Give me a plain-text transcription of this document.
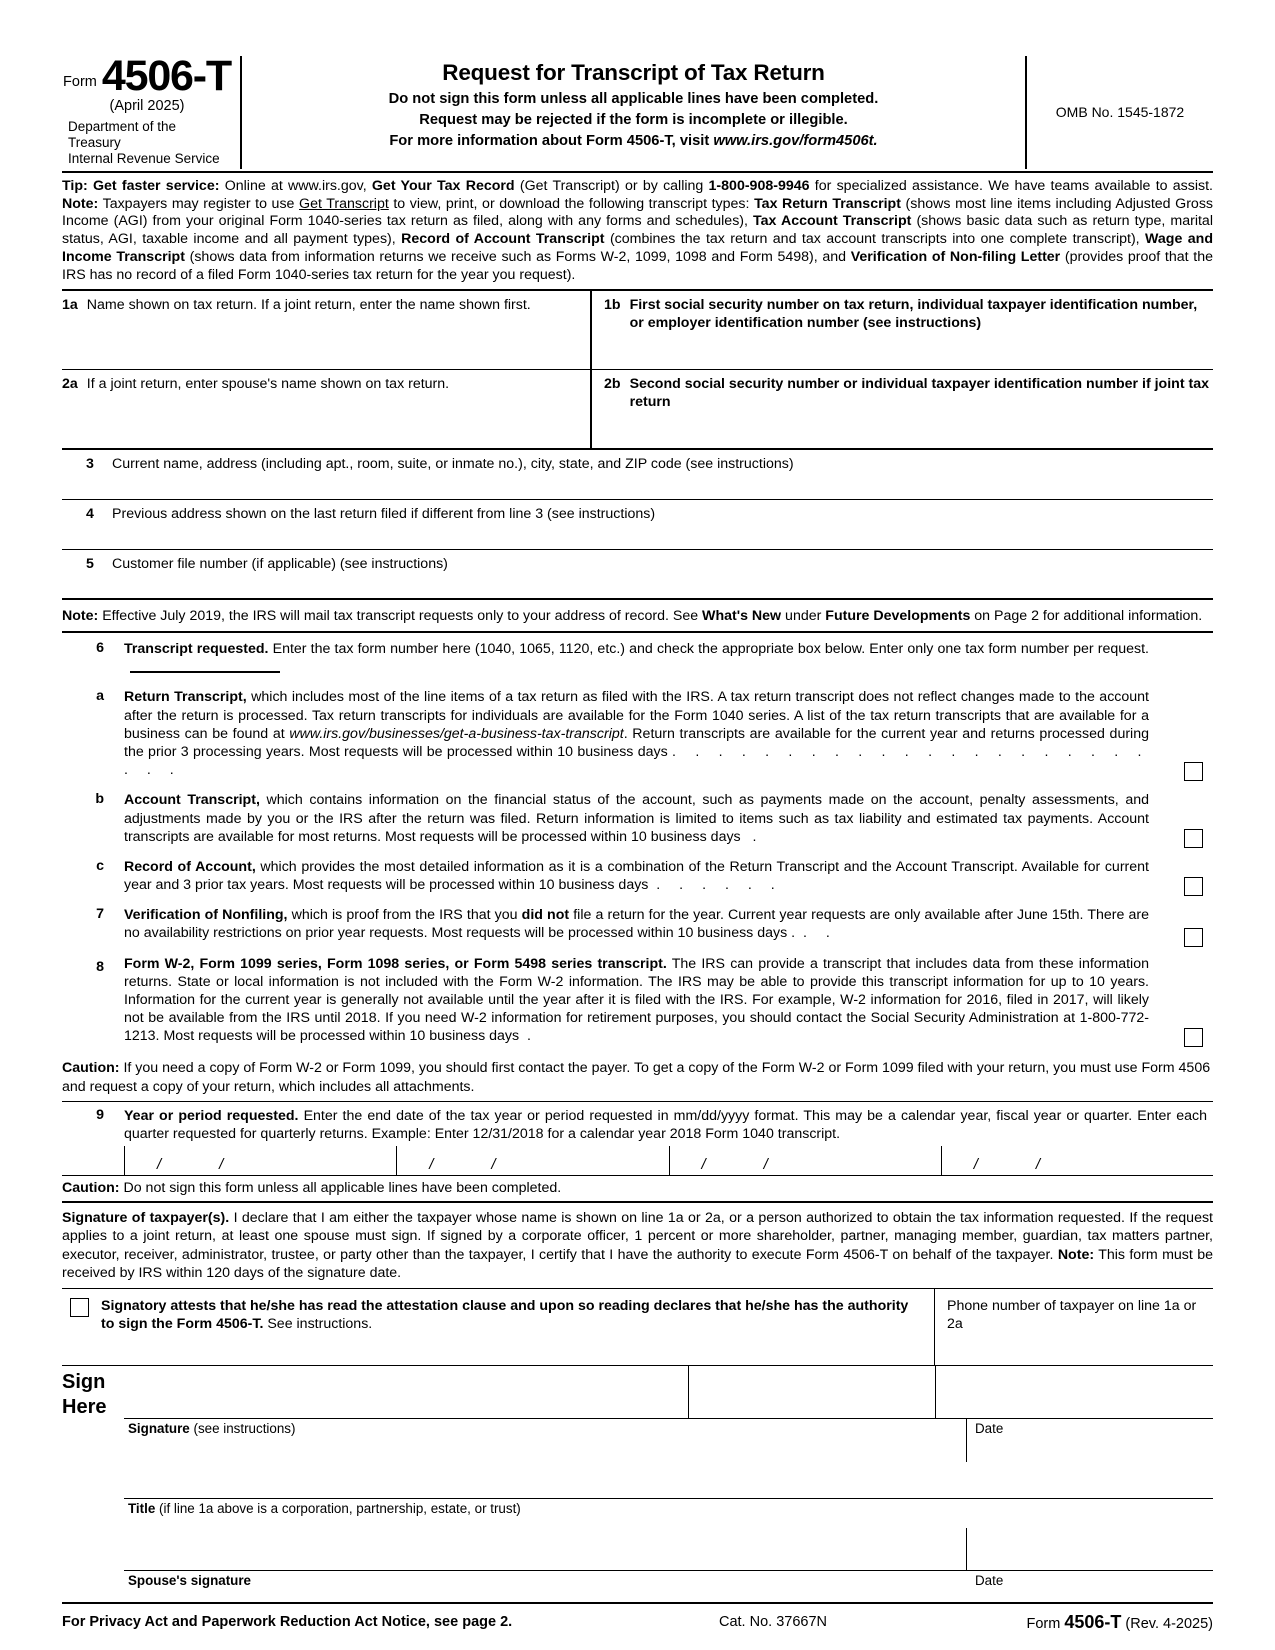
Form 4506-T
(April 2025)
Department of the Treasury
Internal Revenue Service
Request for Transcript of Tax Return
Do not sign this form unless all applicable lines have been completed.
Request may be rejected if the form is incomplete or illegible.
For more information about Form 4506-T, visit www.irs.gov/form4506t.
OMB No. 1545-1872
Tip: Get faster service: Online at www.irs.gov, Get Your Tax Record (Get Transcript) or by calling 1-800-908-9946 for specialized assistance. We have teams available to assist. Note: Taxpayers may register to use Get Transcript to view, print, or download the following transcript types: Tax Return Transcript (shows most line items including Adjusted Gross Income (AGI) from your original Form 1040-series tax return as filed, along with any forms and schedules), Tax Account Transcript (shows basic data such as return type, marital status, AGI, taxable income and all payment types), Record of Account Transcript (combines the tax return and tax account transcripts into one complete transcript), Wage and Income Transcript (shows data from information returns we receive such as Forms W-2, 1099, 1098 and Form 5498), and Verification of Non-filing Letter (provides proof that the IRS has no record of a filed Form 1040-series tax return for the year you request).
1a Name shown on tax return. If a joint return, enter the name shown first.	1b First social security number on tax return, individual taxpayer identification number, or employer identification number (see instructions)
2a If a joint return, enter spouse's name shown on tax return.	2b Second social security number or individual taxpayer identification number if joint tax return
3	Current name, address (including apt., room, suite, or inmate no.), city, state, and ZIP code (see instructions)
4	Previous address shown on the last return filed if different from line 3 (see instructions)
5	Customer file number (if applicable) (see instructions)
Note: Effective July 2019, the IRS will mail tax transcript requests only to your address of record. See What's New under Future Developments on Page 2 for additional information.
6	Transcript requested. Enter the tax form number here (1040, 1065, 1120, etc.) and check the appropriate box below. Enter only one tax form number per request.
a	Return Transcript, which includes most of the line items of a tax return as filed with the IRS. A tax return transcript does not reflect changes made to the account after the return is processed. Tax return transcripts for individuals are available for the Form 1040 series. A list of the tax return transcripts that are available for a business can be found at www.irs.gov/businesses/get-a-business-tax-transcript. Return transcripts are available for the current year and returns processed during the prior 3 processing years. Most requests will be processed within 10 business days . . . . . . . . . . . . . . . . . . . . . . . .
b	Account Transcript, which contains information on the financial status of the account, such as payments made on the account, penalty assessments, and adjustments made by you or the IRS after the return was filed. Return information is limited to items such as tax liability and estimated tax payments. Account transcripts are available for most returns. Most requests will be processed within 10 business days .
c	Record of Account, which provides the most detailed information as it is a combination of the Return Transcript and the Account Transcript. Available for current year and 3 prior tax years. Most requests will be processed within 10 business days . . . . . .
7	Verification of Nonfiling, which is proof from the IRS that you did not file a return for the year. Current year requests are only available after June 15th. There are no availability restrictions on prior year requests. Most requests will be processed within 10 business days . . .
8	Form W-2, Form 1099 series, Form 1098 series, or Form 5498 series transcript. The IRS can provide a transcript that includes data from these information returns. State or local information is not included with the Form W-2 information. The IRS may be able to provide this transcript information for up to 10 years. Information for the current year is generally not available until the year after it is filed with the IRS. For example, W-2 information for 2016, filed in 2017, will likely not be available from the IRS until 2018. If you need W-2 information for retirement purposes, you should contact the Social Security Administration at 1-800-772-1213. Most requests will be processed within 10 business days .
Caution: If you need a copy of Form W-2 or Form 1099, you should first contact the payer. To get a copy of the Form W-2 or Form 1099 filed with your return, you must use Form 4506 and request a copy of your return, which includes all attachments.
9	Year or period requested. Enter the end date of the tax year or period requested in mm/dd/yyyy format. This may be a calendar year, fiscal year or quarter. Enter each quarter requested for quarterly returns. Example: Enter 12/31/2018 for a calendar year 2018 Form 1040 transcript.
/	/	/	/	/	/	/	/
Caution: Do not sign this form unless all applicable lines have been completed.
Signature of taxpayer(s). I declare that I am either the taxpayer whose name is shown on line 1a or 2a, or a person authorized to obtain the tax information requested. If the request applies to a joint return, at least one spouse must sign. If signed by a corporate officer, 1 percent or more shareholder, partner, managing member, guardian, tax matters partner, executor, receiver, administrator, trustee, or party other than the taxpayer, I certify that I have the authority to execute Form 4506-T on behalf of the taxpayer. Note: This form must be received by IRS within 120 days of the signature date.
Signatory attests that he/she has read the attestation clause and upon so reading declares that he/she has the authority to sign the Form 4506-T. See instructions.
Phone number of taxpayer on line 1a or 2a
Sign
Here
Signature (see instructions)	Date
Title (if line 1a above is a corporation, partnership, estate, or trust)
Spouse's signature	Date
For Privacy Act and Paperwork Reduction Act Notice, see page 2.	Cat. No. 37667N	Form 4506-T (Rev. 4-2025)
